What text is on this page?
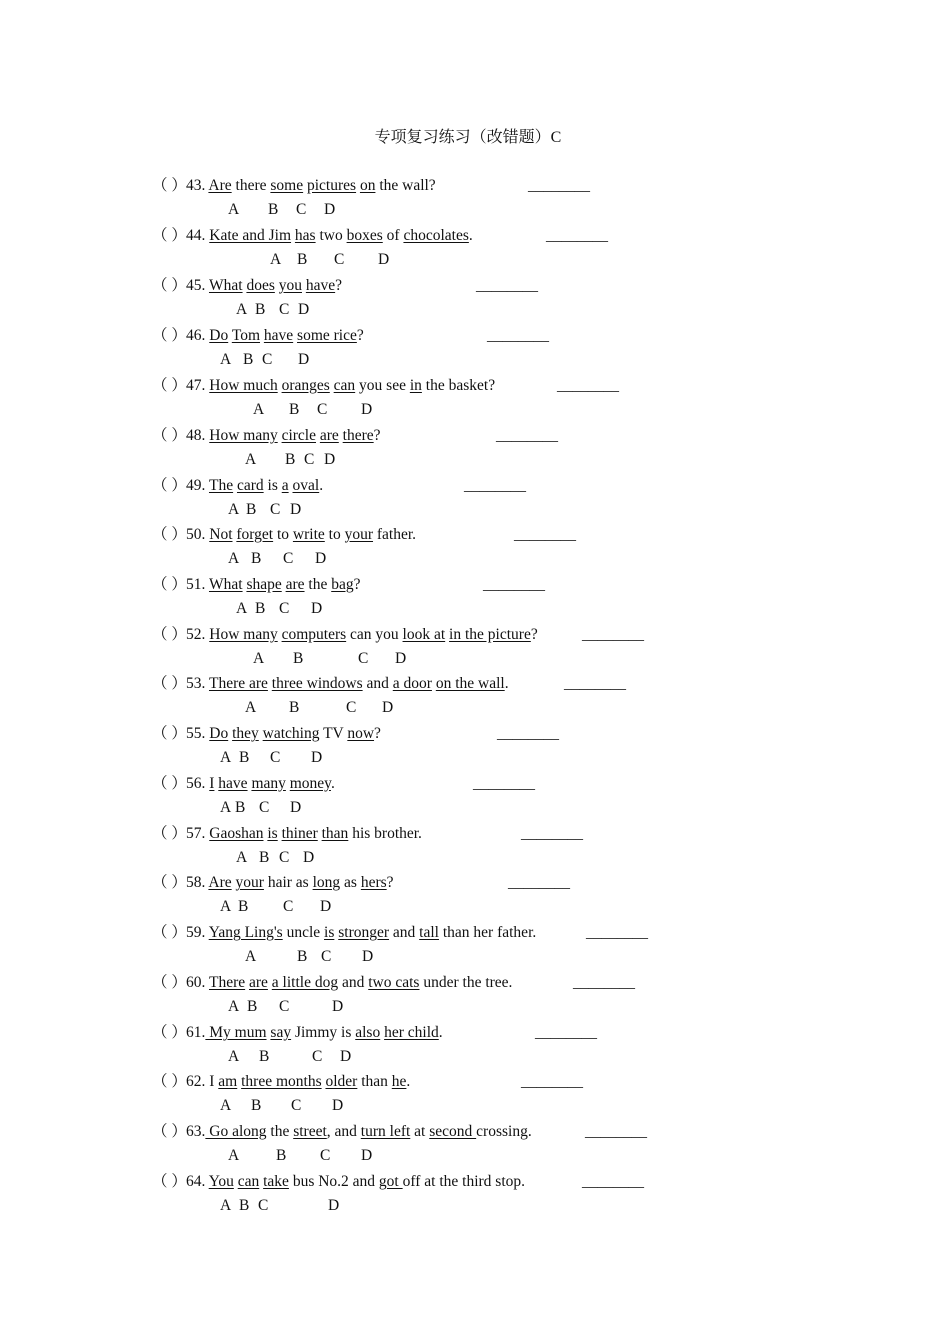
专项复习练习（改错题）C
（ ） 43. Are there some pictures on the wall?	________
A B C D
（ ） 44. Kate and Jim has two boxes of chocolates.	________
A B C D
（ ） 45. What does you have?	________
A B C D
（ ） 46. Do Tom have some rice?	________
A B C D
（ ） 47. How much oranges can you see in the basket?	________
A B C D
（ ） 48. How many circle are there?	________
A B C D
（ ） 49. The card is a oval.	________
A B C D
（ ） 50. Not forget to write to your father.	________
A B C D
（ ） 51. What shape are the bag?	________
A B C D
（ ） 52. How many computers can you look at in the picture?	________
A B	C D
（ ） 53. There are three windows and a door on the wall.	________
A B	C D
（ ） 55. Do they watching TV now?	________
A B C D
（ ） 56. I have many money.	________
A B C D
（ ） 57. Gaoshan is thiner than his brother.	________
A B C D
（ ） 58. Are your hair as long as hers?	________
A B C D
（ ） 59. Yang Ling's uncle is stronger and tall than her father.	________
A	B C D
（ ） 60. There are a little dog and two cats under the tree.	________
A B C	D
（ ） 61. My mum say Jimmy is also her child.	________
A B	C D
（ ） 62. I am three months older than he.	________
A B C D
（ ） 63. Go along the street, and turn left at second crossing.	________
A B C D
（ ） 64. You can take bus No.2 and got off at the third stop.	________
A B C	D
